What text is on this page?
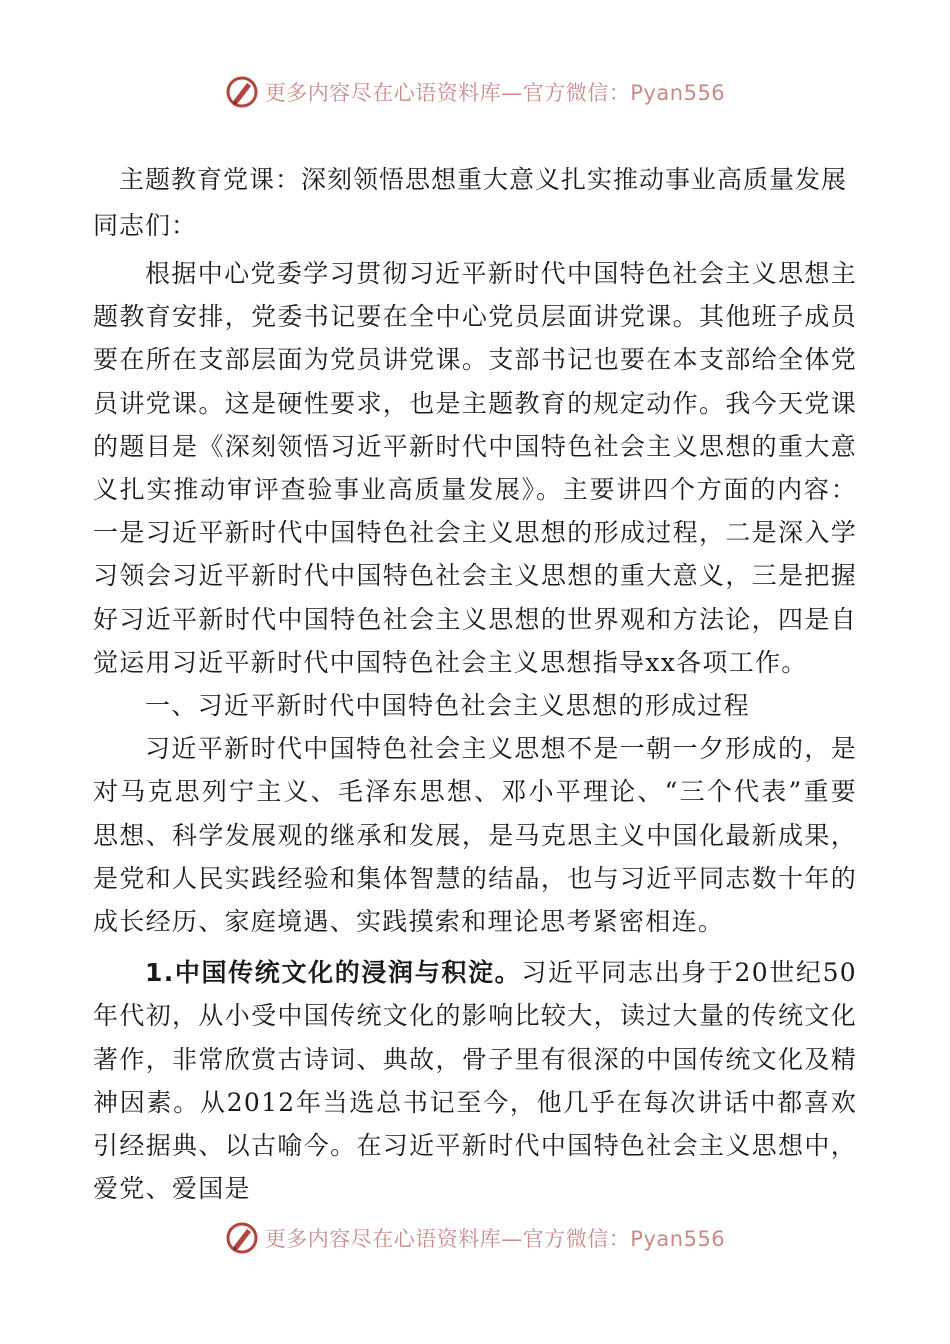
更多内容尽在心语资料库—官方微信：Pyan556
主题教育党课：深刻领悟思想重大意义扎实推动事业高质量发展
同志们：

根据中心党委学习贯彻习近平新时代中国特色社会主义思想主题教育安排，党委书记要在全中心党员层面讲党课。其他班子成员要在所在支部层面为党员讲党课。支部书记也要在本支部给全体党员讲党课。这是硬性要求，也是主题教育的规定动作。我今天党课的题目是《深刻领悟习近平新时代中国特色社会主义思想的重大意义扎实推动审评查验事业高质量发展》。主要讲四个方面的内容：一是习近平新时代中国特色社会主义思想的形成过程，二是深入学习领会习近平新时代中国特色社会主义思想的重大意义，三是把握好习近平新时代中国特色社会主义思想的世界观和方法论，四是自觉运用习近平新时代中国特色社会主义思想指导xx各项工作。

一、习近平新时代中国特色社会主义思想的形成过程

习近平新时代中国特色社会主义思想不是一朝一夕形成的，是对马克思列宁主义、毛泽东思想、邓小平理论、“三个代表”重要思想、科学发展观的继承和发展，是马克思主义中国化最新成果，是党和人民实践经验和集体智慧的结晶，也与习近平同志数十年的成长经历、家庭境遇、实践摸索和理论思考紧密相连。

1.中国传统文化的浸润与积淀。习近平同志出身于20世纪50年代初，从小受中国传统文化的影响比较大，读过大量的传统文化著作，非常欣赏古诗词、典故，骨子里有很深的中国传统文化及精神因素。从2012年当选总书记至今，他几乎在每次讲话中都喜欢引经据典、以古喻今。在习近平新时代中国特色社会主义思想中，爱党、爱国是

更多内容尽在心语资料库—官方微信：Pyan556
